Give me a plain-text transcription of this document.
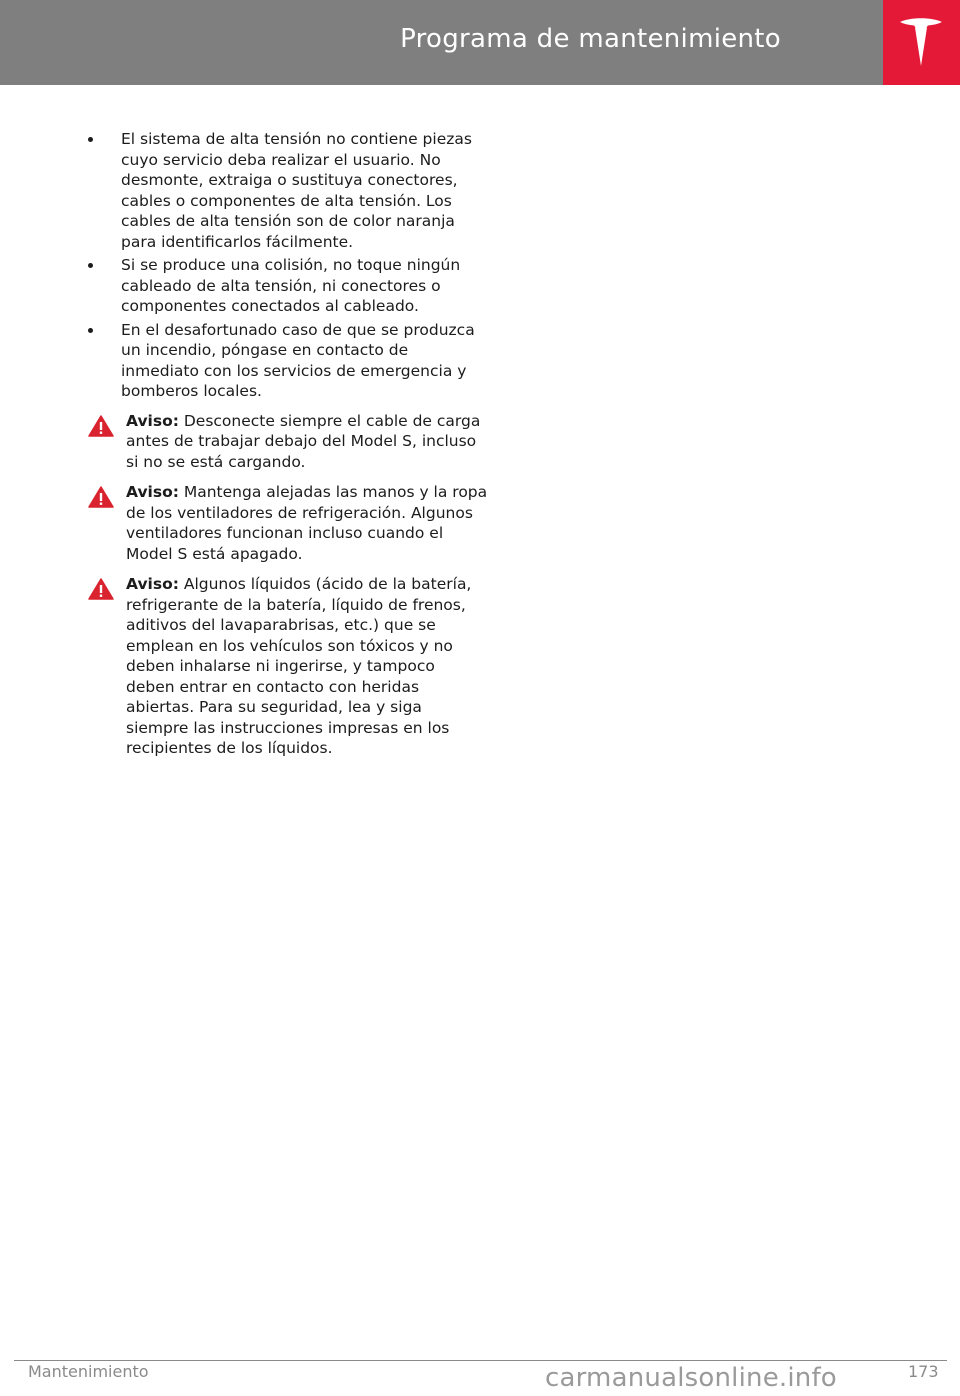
Programa de mantenimiento
El sistema de alta tensión no contiene piezas cuyo servicio deba realizar el usuario. No desmonte, extraiga o sustituya conectores, cables o componentes de alta tensión. Los cables de alta tensión son de color naranja para identificarlos fácilmente.
Si se produce una colisión, no toque ningún cableado de alta tensión, ni conectores o componentes conectados al cableado.
En el desafortunado caso de que se produzca un incendio, póngase en contacto de inmediato con los servicios de emergencia y bomberos locales.
Aviso: Desconecte siempre el cable de carga antes de trabajar debajo del Model S, incluso si no se está cargando.
Aviso: Mantenga alejadas las manos y la ropa de los ventiladores de refrigeración. Algunos ventiladores funcionan incluso cuando el Model S está apagado.
Aviso: Algunos líquidos (ácido de la batería, refrigerante de la batería, líquido de frenos, aditivos del lavaparabrisas, etc.) que se emplean en los vehículos son tóxicos y no deben inhalarse ni ingerirse, y tampoco deben entrar en contacto con heridas abiertas. Para su seguridad, lea y siga siempre las instrucciones impresas en los recipientes de los líquidos.
Mantenimiento	carmanualsonline.info	173
